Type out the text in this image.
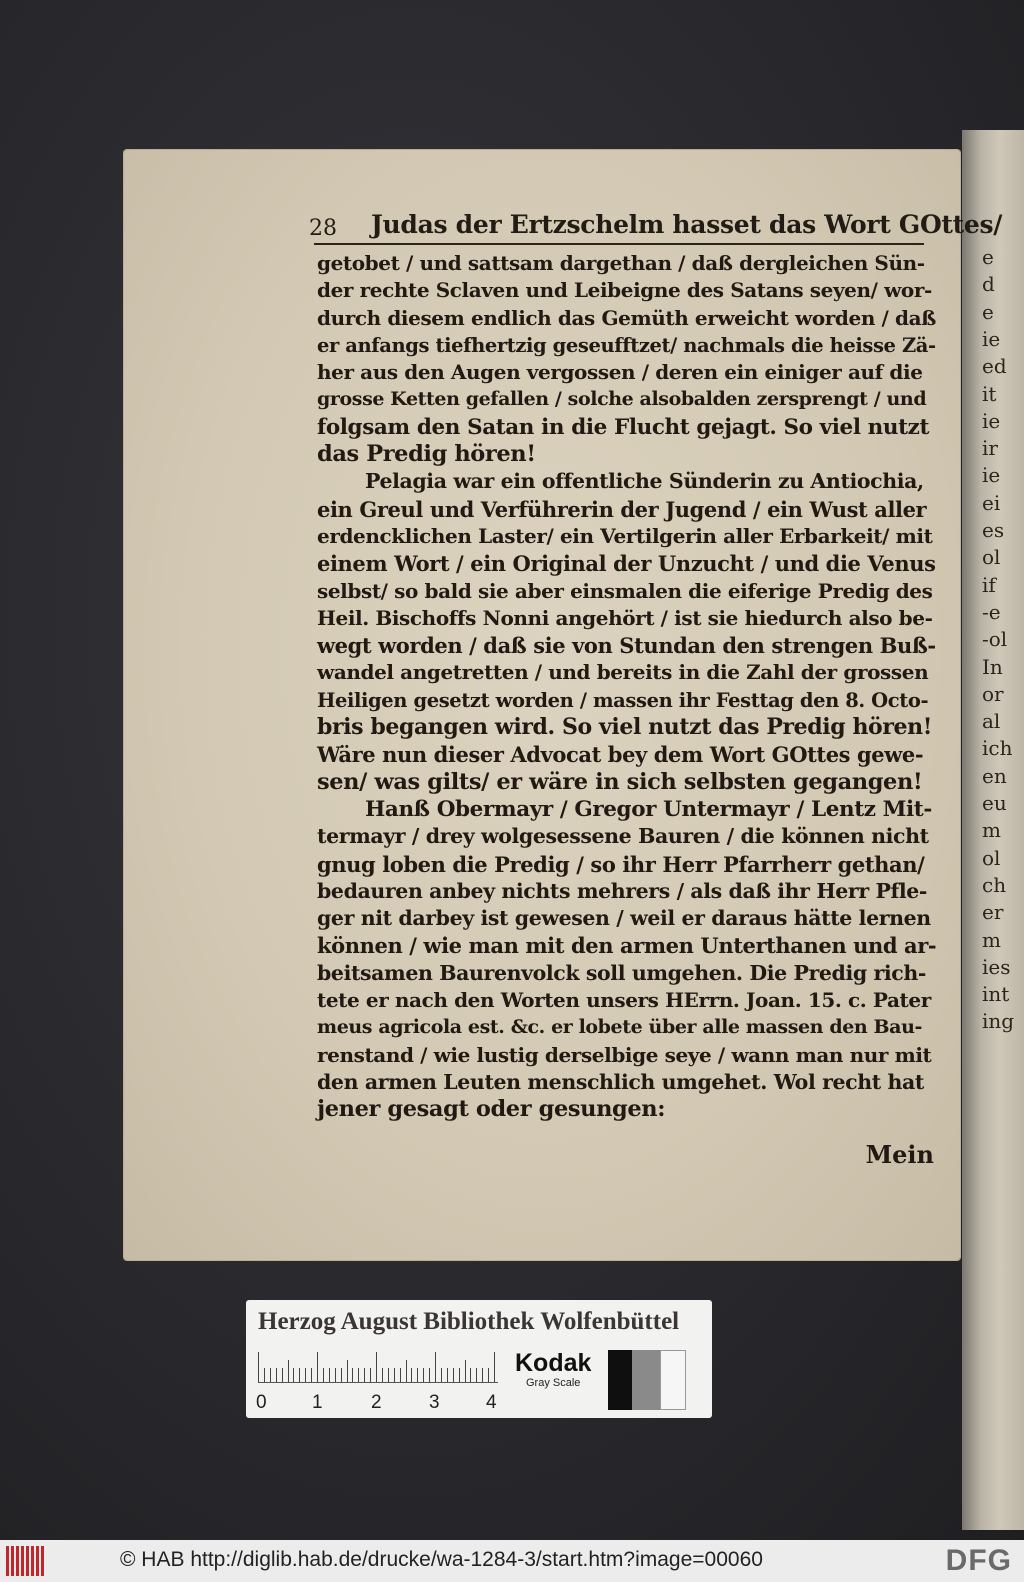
e
d
e
ie
ed
it
ie
ir
ie
ei
es
ol
if
-e
-ol
In
or
al
ich
en
eu
m
ol
ch
er
m
ies
int
ing
28 Judas der Ertzschelm hasset das Wort GOttes/
getobet / und sattsam dargethan / daß dergleichen Sün-
der rechte Sclaven und Leibeigne des Satans seyen/ wor-
durch diesem endlich das Gemüth erweicht worden / daß
er anfangs tiefhertzig geseufftzet/ nachmals die heisse Zä-
her aus den Augen vergossen / deren ein einiger auf die
grosse Ketten gefallen / solche alsobalden zersprengt / und
folgsam den Satan in die Flucht gejagt. So viel nutzt
das Predig hören!
Pelagia war ein offentliche Sünderin zu Antiochia,
ein Greul und Verführerin der Jugend / ein Wust aller
erdencklichen Laster/ ein Vertilgerin aller Erbarkeit/ mit
einem Wort / ein Original der Unzucht / und die Venus
selbst/ so bald sie aber einsmalen die eiferige Predig des
Heil. Bischoffs Nonni angehört / ist sie hiedurch also be-
wegt worden / daß sie von Stundan den strengen Buß-
wandel angetretten / und bereits in die Zahl der grossen
Heiligen gesetzt worden / massen ihr Festtag den 8. Octo-
bris begangen wird. So viel nutzt das Predig hören!
Wäre nun dieser Advocat bey dem Wort GOttes gewe-
sen/ was gilts/ er wäre in sich selbsten gegangen!
Hanß Obermayr / Gregor Untermayr / Lentz Mit-
termayr / drey wolgesessene Bauren / die können nicht
gnug loben die Predig / so ihr Herr Pfarrherr gethan/
bedauren anbey nichts mehrers / als daß ihr Herr Pfle-
ger nit darbey ist gewesen / weil er daraus hätte lernen
können / wie man mit den armen Unterthanen und ar-
beitsamen Baurenvolck soll umgehen. Die Predig rich-
tete er nach den Worten unsers HErrn. Joan. 15. c. Pater
meus agricola est. &c. er lobete über alle massen den Bau-
renstand / wie lustig derselbige seye / wann man nur mit
den armen Leuten menschlich umgehet. Wol recht hat
jener gesagt oder gesungen:
Mein
Herzog August Bibliothek Wolfenbüttel
0 1	2 3 4
Kodak
Gray Scale
© HAB http://diglib.hab.de/drucke/wa-1284-3/start.htm?image=00060	DFG
